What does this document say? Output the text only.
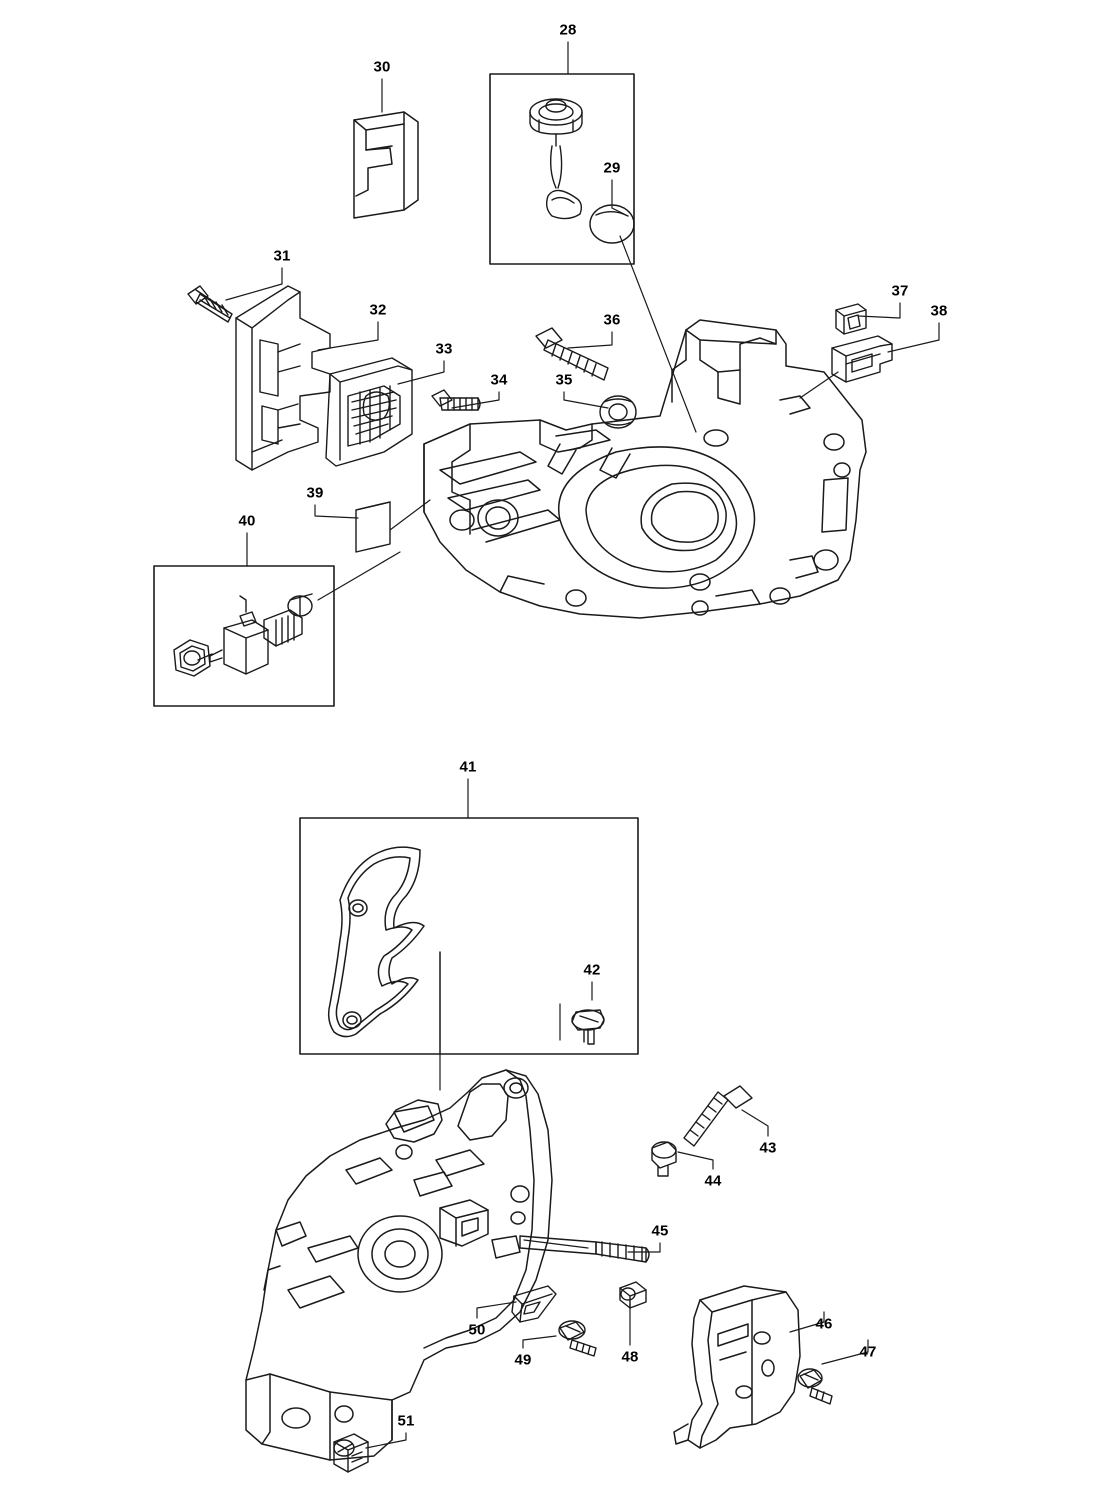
28
30
29
31
37
32
36
38
33
34	35
39
40
41
42
43
44
45
46
47
48
50
49
51
